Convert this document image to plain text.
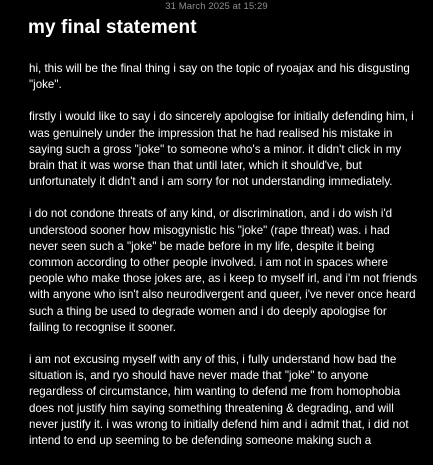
31 March 2025 at 15:29
my final statement

hi, this will be the final thing i say on the topic of ryoajax and his disgusting
"joke".

firstly i would like to say i do sincerely apologise for initially defending him, i
was genuinely under the impression that he had realised his mistake in
saying such a gross "joke" to someone who's a minor. it didn't click in my
brain that it was worse than that until later, which it should've, but
unfortunately it didn't and i am sorry for not understanding immediately.

i do not condone threats of any kind, or discrimination, and i do wish i'd
understood sooner how misogynistic his "joke" (rape threat) was. i had
never seen such a "joke" be made before in my life, despite it being
common according to other people involved. i am not in spaces where
people who make those jokes are, as i keep to myself irl, and i'm not friends
with anyone who isn't also neurodivergent and queer, i've never once heard
such a thing be used to degrade women and i do deeply apologise for
failing to recognise it sooner.

i am not excusing myself with any of this, i fully understand how bad the
situation is, and ryo should have never made that "joke" to anyone
regardless of circumstance, him wanting to defend me from homophobia
does not justify him saying something threatening & degrading, and will
never justify it. i was wrong to initially defend him and i admit that, i did not
intend to end up seeming to be defending someone making such a
